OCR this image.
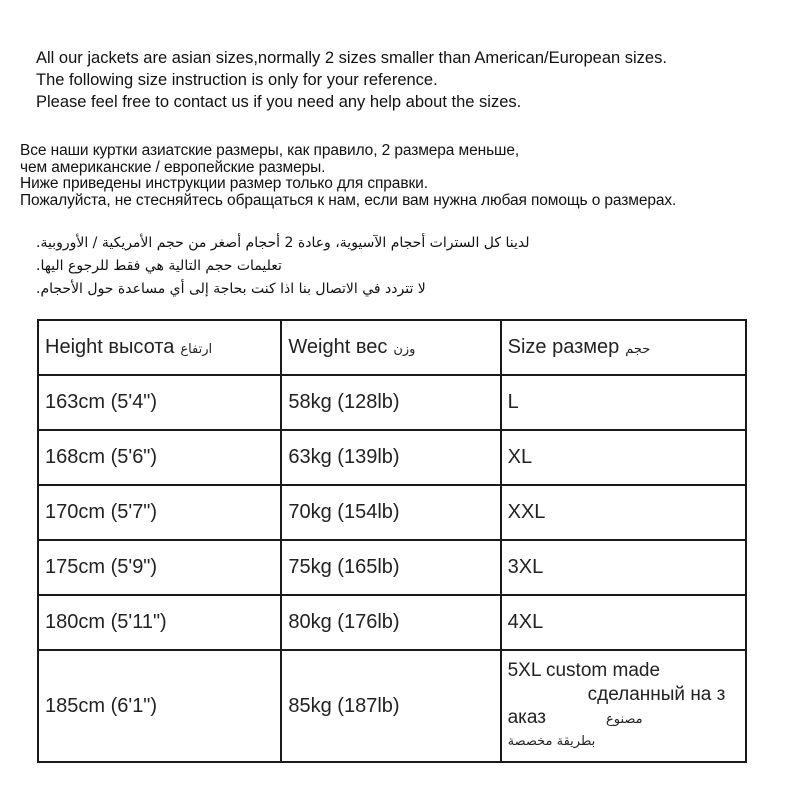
All our jackets are asian sizes,normally 2 sizes smaller than American/European sizes.
The following size instruction is only for your reference.
Please feel free to contact us if you need any help about the sizes.
Все наши куртки азиатские размеры, как правило, 2 размера меньше,
чем американские / европейские размеры.
Ниже приведены инструкции размер только для справки.
Пожалуйста, не стесняйтесь обращаться к нам, если вам нужна любая помощь о размерах.
لدينا كل السترات أحجام الآسيوية، وعادة 2 أحجام أصغر من حجم الأمريكية / الأوروبية.
تعليمات حجم التالية هي فقط للرجوع اليها.
لا تتردد في الاتصال بنا اذا كنت بحاجة إلى أي مساعدة حول الأحجام.
Height высота ارتفاع	Weight вес وزن	Size размер حجم
163cm (5'4")	58kg (128lb)	L
168cm (5'6")	63kg (139lb)	XL
170cm (5'7")	70kg (154lb)	XXL
175cm (5'9")	75kg (165lb)	3XL
180cm (5'11")	80kg (176lb)	4XL
185cm (6'1")	85kg (187lb)	5XL custom made
сделанный на з
аказ مصنوع
بطريقة مخصصة
